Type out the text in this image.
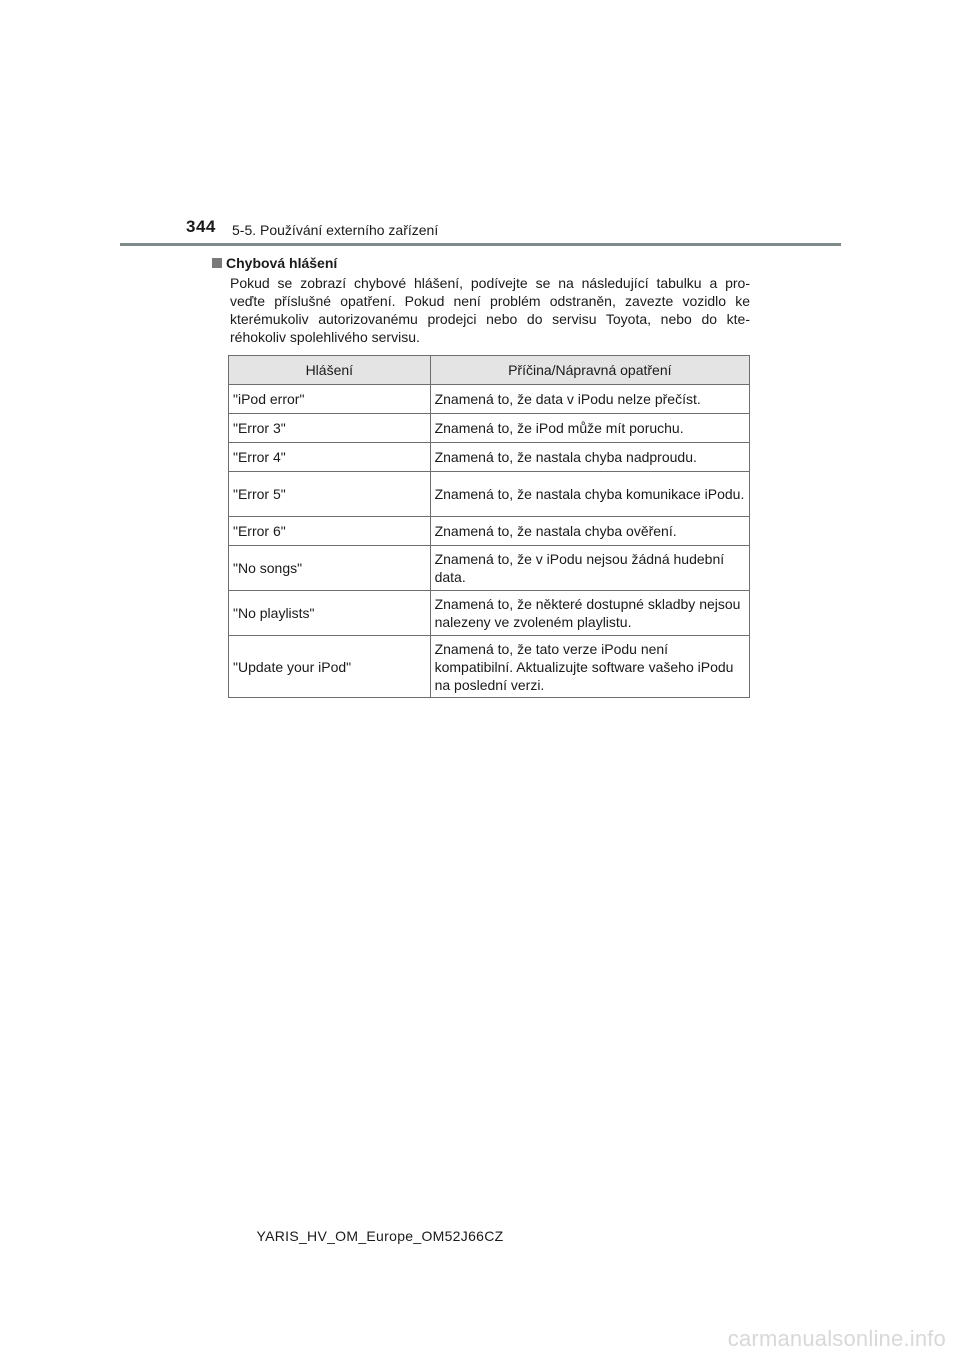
344 5-5. Používání externího zařízení
Chybová hlášení
Pokud se zobrazí chybové hlášení, podívejte se na následující tabulku a pro-
veďte příslušné opatření. Pokud není problém odstraněn, zavezte vozidlo ke
kterémukoliv autorizovanému prodejci nebo do servisu Toyota, nebo do kte-
réhokoliv spolehlivého servisu.
Hlášení	Příčina/Nápravná opatření
"iPod error"	Znamená to, že data v iPodu nelze přečíst.
"Error 3"	Znamená to, že iPod může mít poruchu.
"Error 4"	Znamená to, že nastala chyba nadproudu.
"Error 5"	Znamená to, že nastala chyba komunikace iPodu.
"Error 6"	Znamená to, že nastala chyba ověření.
"No songs"	Znamená to, že v iPodu nejsou žádná hudební data.
"No playlists"	Znamená to, že některé dostupné skladby nejsou nalezeny ve zvoleném playlistu.
"Update your iPod"	Znamená to, že tato verze iPodu není kompatibilní. Aktualizujte software vašeho iPodu na poslední verzi.
YARIS_HV_OM_Europe_OM52J66CZ
carmanualsonline.info
